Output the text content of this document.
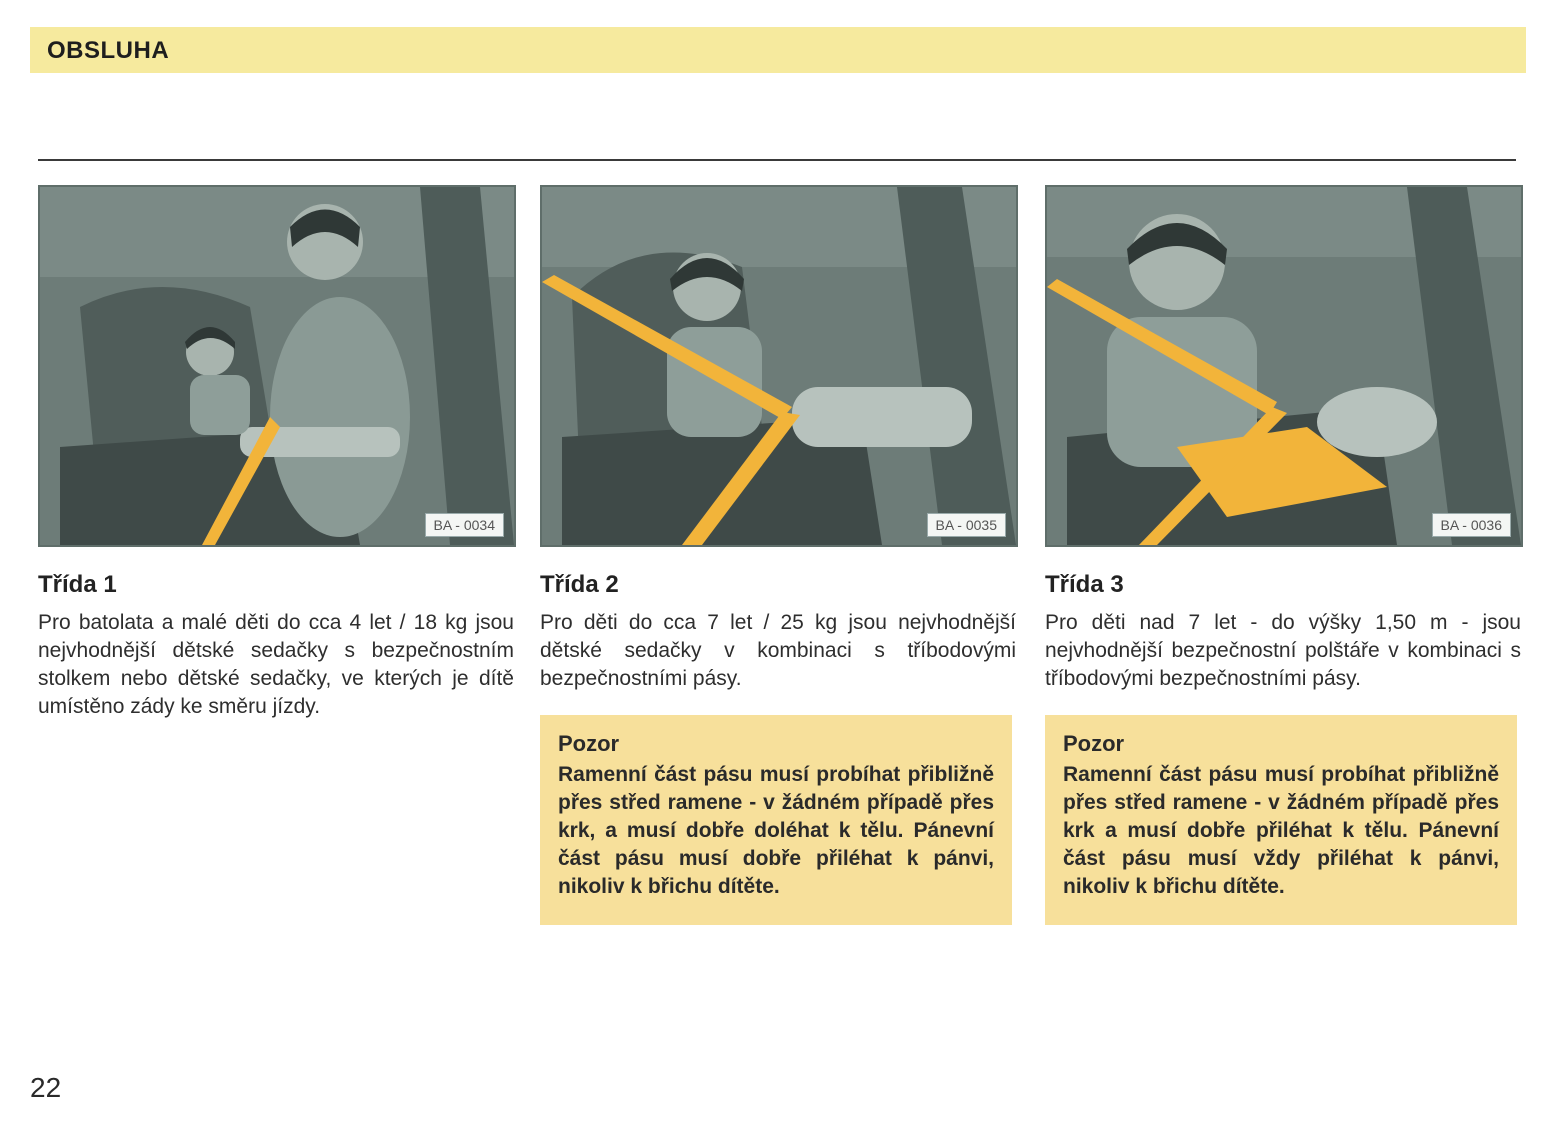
OBSLUHA
BA - 0034
Třída 1

Pro batolata a malé děti do cca 4 let / 18 kg jsou nejvhodnější dětské sedačky s bezpečnostním stolkem nebo dětské sedačky, ve kterých je dítě umístěno zády ke směru jízdy.

BA - 0035
Třída 2

Pro děti do cca 7 let / 25 kg jsou nejvhodnější dětské sedačky v kombinaci s tříbodovými bezpečnostními pásy.

Pozor

Ramenní část pásu musí probíhat přibližně přes střed ramene - v žádném případě přes krk, a musí dobře doléhat k tělu. Pánevní část pásu musí dobře přiléhat k pánvi, nikoliv k břichu dítěte.

BA - 0036
Třída 3

Pro děti nad 7 let - do výšky 1,50 m - jsou nejvhodnější bezpečnostní polštáře v kombinaci s tříbodovými bezpečnostními pásy.

Pozor

Ramenní část pásu musí probíhat přibližně přes střed ramene - v žádném případě přes krk a musí dobře přiléhat k tělu. Pánevní část pásu musí vždy přiléhat k pánvi, nikoliv k břichu dítěte.

22
